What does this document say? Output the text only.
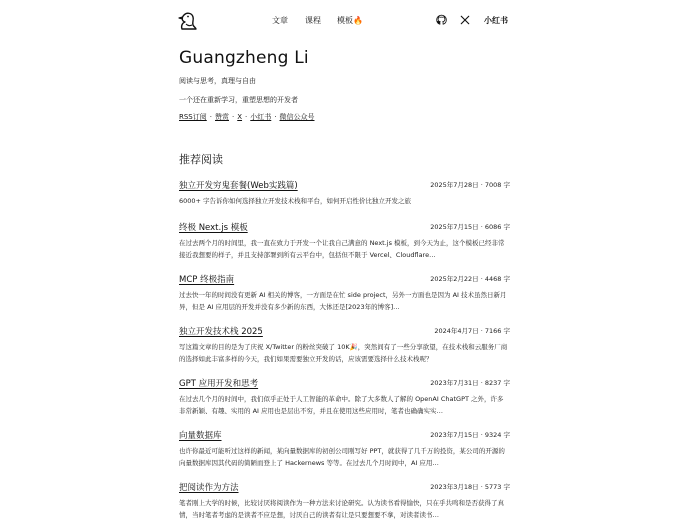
文章 课程 模板🔥	小红书
Guangzheng Li
阅读与思考，真理与自由
一个还在重新学习，重塑思想的开发者
RSS订阅 · 赞赏 · X · 小红书 · 微信公众号
推荐阅读
独立开发穷鬼套餐(Web实践篇)	2025年7月28日 · 7008 字
6000+ 字告诉你如何选择独立开发技术栈和平台，如何开启性价比独立开发之旅
终极 Next.js 模板	2025年7月15日 · 6086 字
在过去两个月的时间里，我一直在致力于开发一个让我自己满意的 Next.js 模板，到今天为止，这个模板已经非常接近我想要的样子，并且支持部署到所有云平台中，包括但不限于 Vercel、Cloudflare…
MCP 终极指南	2025年2月22日 · 4468 字
过去快一年的时间没有更新 AI 相关的博客，一方面是在忙 side project，另外一方面也是因为 AI 技术虽然日新月异，但是 AI 应用层的开发并没有多少新的东西，大体还是[2023年的博客]…
独立开发技术栈 2025	2024年4月7日 · 7166 字
写这篇文章的目的是为了庆祝 X/Twitter 的粉丝突破了 10K🎉，突然间有了一些分享欲望，在技术栈和云服务厂商的选择如此丰富多样的今天，我们如果需要独立开发的话，应该需要选择什么技术栈呢？
GPT 应用开发和思考	2023年7月31日 · 8237 字
在过去几个月的时间中，我们似乎正处于人工智能的革命中。除了大多数人了解的 OpenAI ChatGPT 之外，许多非常新颖、有趣、实用的 AI 应用也是层出不穷，并且在使用这些应用时，笔者也确确实实…
向量数据库	2023年7月15日 · 9324 字
也许你最近可能听过这样的新闻，某向量数据库的初创公司刚写好 PPT，就获得了几千万的投资，某公司的开源的向量数据库因其代码的简陋而登上了 Hackernews 等等。在过去几个月时间中，AI 应用…
把阅读作为方法	2023年3月18日 · 5773 字
笔者刚上大学的时候，比较讨厌将阅读作为一种方法来讨论研究。认为读书看得愉快，只在乎共鸣和是否获得了真情，当时笔者考虑的是读者不应是想，讨厌自己的读者有让是只要想要不拿，对读者读书…
